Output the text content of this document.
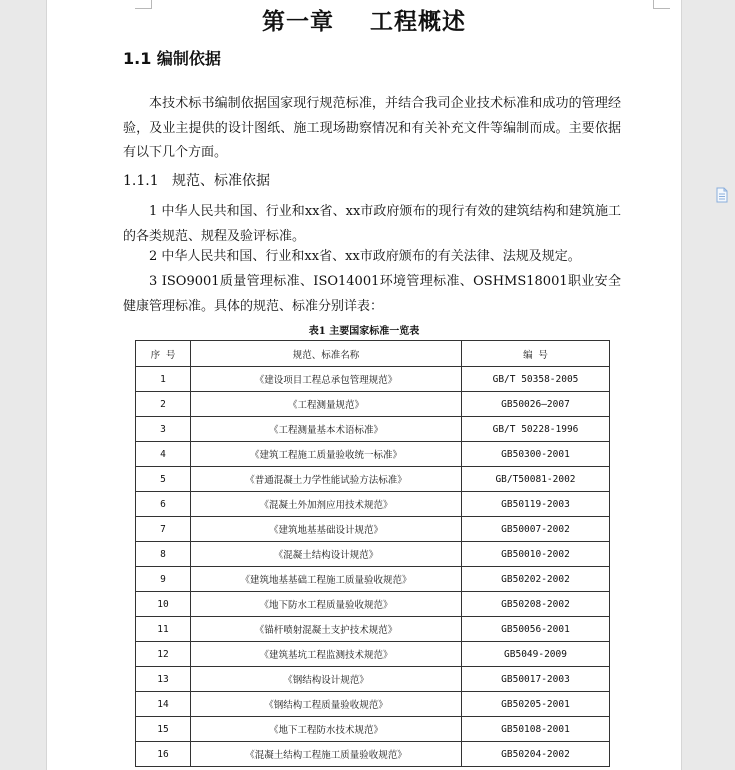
第一章    工程概述
1.1 编制依据
本技术标书编制依据国家现行规范标准，并结合我司企业技术标准和成功的管理经验，及业主提供的设计图纸、施工现场勘察情况和有关补充文件等编制而成。主要依据有以下几个方面。
1.1.1   规范、标准依据
1 中华人民共和国、行业和xx省、xx市政府颁布的现行有效的建筑结构和建筑施工的各类规范、规程及验评标准。
2 中华人民共和国、行业和xx省、xx市政府颁布的有关法律、法规及规定。
3 ISO9001质量管理标准、ISO14001环境管理标准、OSHMS18001职业安全健康管理标准。具体的规范、标准分别详表：
表1 主要国家标准一览表
序 号	规范、标准名称	编 号
1	《建设项目工程总承包管理规范》	GB/T 50358-2005
2	《工程测量规范》	GB50026—2007
3	《工程测量基本术语标准》	GB/T 50228-1996
4	《建筑工程施工质量验收统一标准》	GB50300-2001
5	《普通混凝土力学性能试验方法标准》	GB/T50081-2002
6	《混凝土外加剂应用技术规范》	GB50119-2003
7	《建筑地基基础设计规范》	GB50007-2002
8	《混凝土结构设计规范》	GB50010-2002
9	《建筑地基基础工程施工质量验收规范》	GB50202-2002
10	《地下防水工程质量验收规范》	GB50208-2002
11	《锚杆喷射混凝土支护技术规范》	GB50056-2001
12	《建筑基坑工程监测技术规范》	GB5049-2009
13	《钢结构设计规范》	GB50017-2003
14	《钢结构工程质量验收规范》	GB50205-2001
15	《地下工程防水技术规范》	GB50108-2001
16	《混凝土结构工程施工质量验收规范》	GB50204-2002
